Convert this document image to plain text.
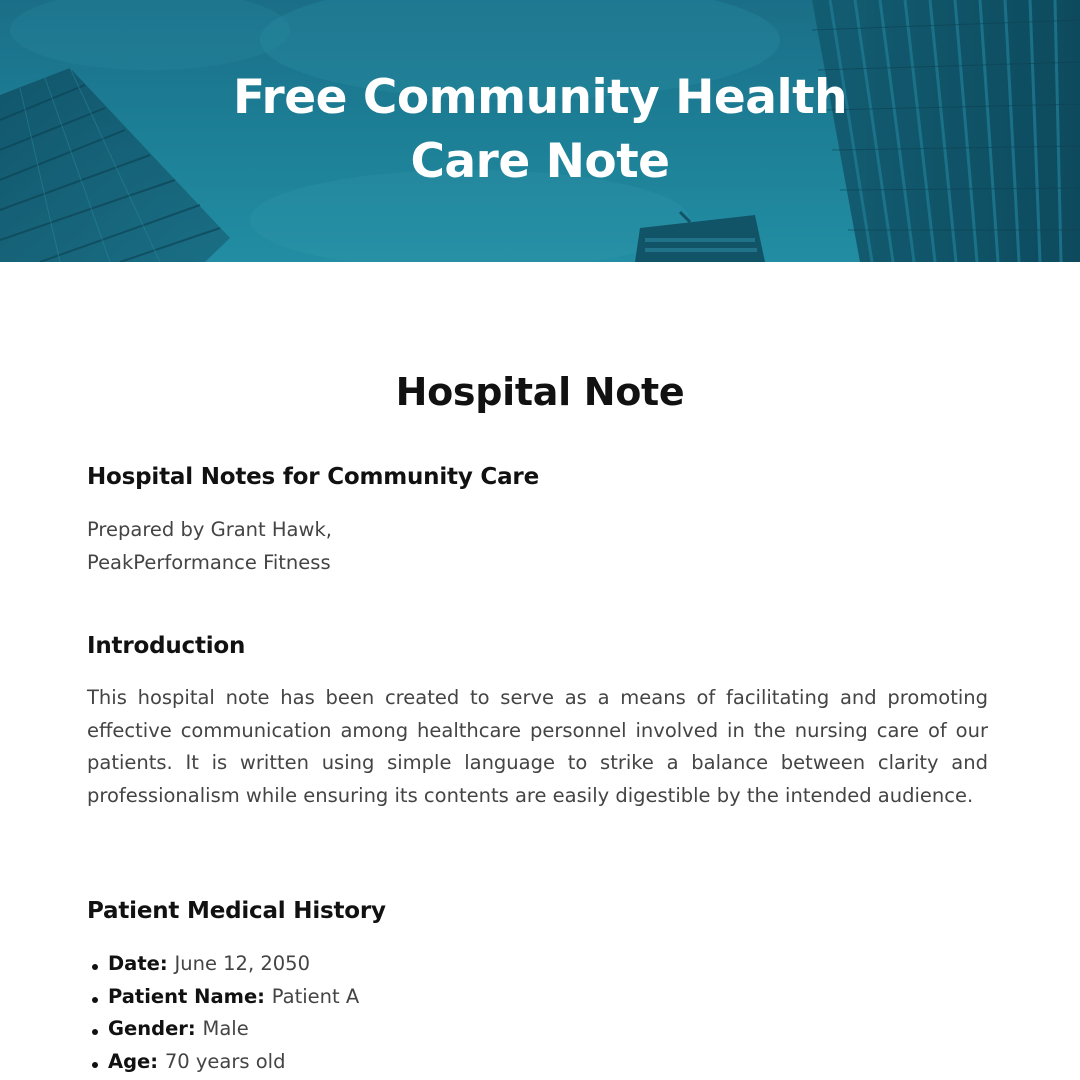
Free Community Health
Care Note
Hospital Note
Hospital Notes for Community Care
Prepared by Grant Hawk,
PeakPerformance Fitness
Introduction
This hospital note has been created to serve as a means of facilitating and promoting effective communication among healthcare personnel involved in the nursing care of our patients. It is written using simple language to strike a balance between clarity and professionalism while ensuring its contents are easily digestible by the intended audience.
Patient Medical History
Date: June 12, 2050
Patient Name: Patient A
Gender: Male
Age: 70 years old
